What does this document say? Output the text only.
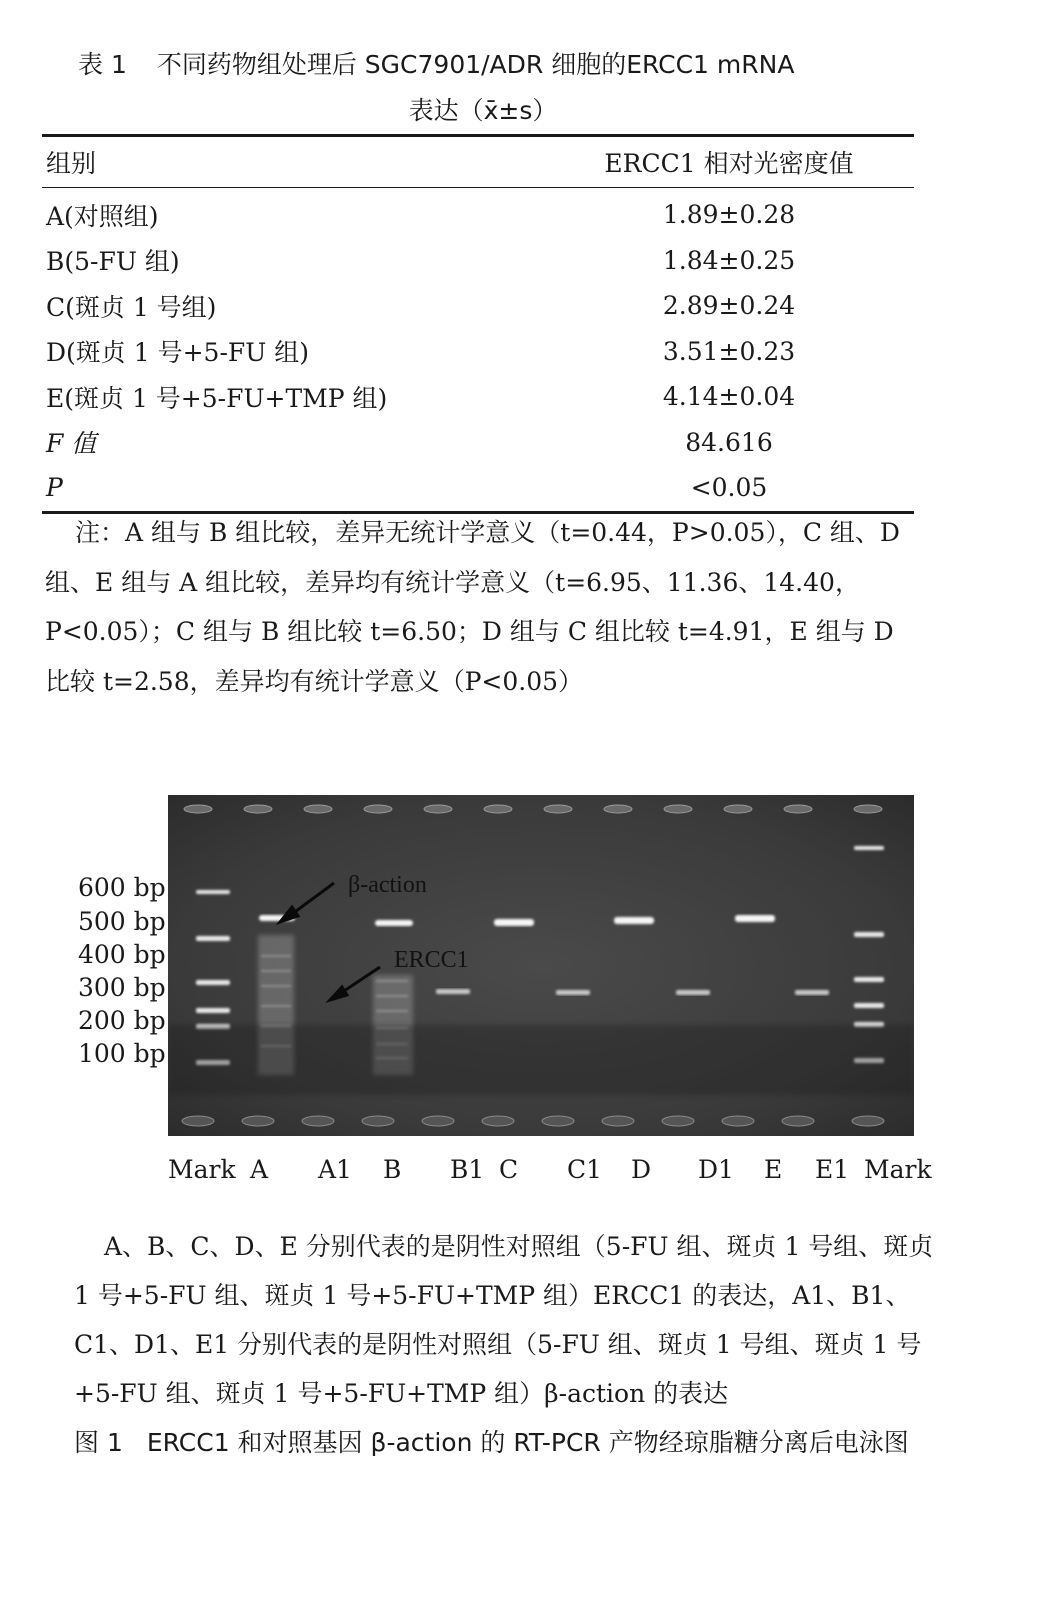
表 1 不同药物组处理后 SGC7901/ADR 细胞的ERCC1 mRNA
表达（x̄±s）
组别	ERCC1 相对光密度值
A(对照组)	1.89±0.28
B(5-FU 组)	1.84±0.25
C(斑贞 1 号组)	2.89±0.24
D(斑贞 1 号+5-FU 组)	3.51±0.23
E(斑贞 1 号+5-FU+TMP 组)	4.14±0.04
F 值	84.616
P	<0.05

注：A 组与 B 组比较，差异无统计学意义（t=0.44，P>0.05），C 组、D 组、E 组与 A 组比较，差异均有统计学意义（t=6.95、11.36、14.40，P<0.05）；C 组与 B 组比较 t=6.50；D 组与 C 组比较 t=4.91，E 组与 D 比较 t=2.58，差异均有统计学意义（P<0.05）

600 bp
500 bp
400 bp
300 bp
200 bp
100 bp
β-action
ERCC1
Mark A A1 B B1 C C1 D D1 E E1 Mark

A、B、C、D、E 分别代表的是阴性对照组（5-FU 组、斑贞 1 号组、斑贞 1 号+5-FU 组、斑贞 1 号+5-FU+TMP 组）ERCC1 的表达，A1、B1、C1、D1、E1 分别代表的是阴性对照组（5-FU 组、斑贞 1 号组、斑贞 1 号+5-FU 组、斑贞 1 号+5-FU+TMP 组）β-action 的表达

图 1 ERCC1 和对照基因 β-action 的 RT-PCR 产物经琼脂糖分离后电泳图
